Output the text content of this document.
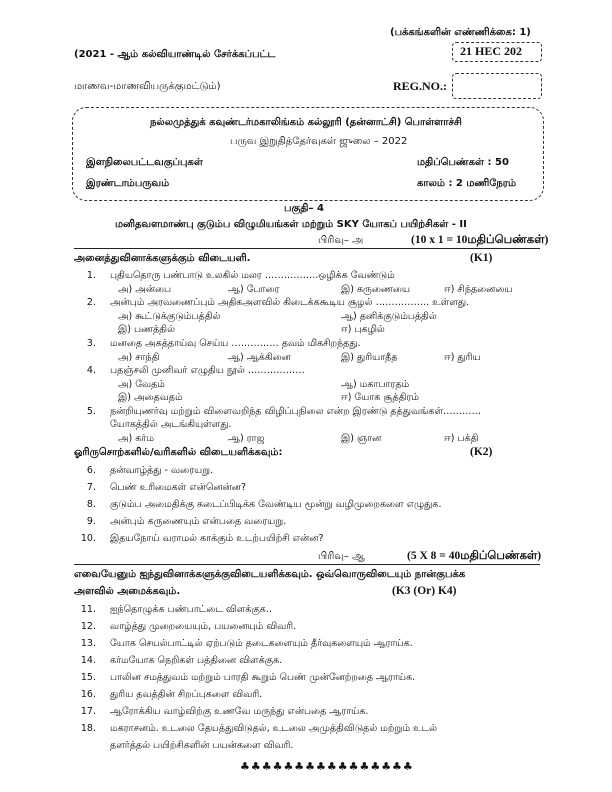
(பக்கங்களின் எண்ணிக்கை: 1)
(2021 - ஆம் கல்வியாண்டில் சேர்க்கப்பட்ட	21 HEC 202
மாணவ-மாணவியருக்குமட்டும்)	REG.NO.:
நல்லமுத்துக் கவுண்டர்மகாலிங்கம் கல்லூரி (தன்னாட்சி) பொள்ளாச்சி
பருவ இறுதித்தேர்வுகள் ஜுலை – 2022
இளநிலைபட்டவகுப்புகள்	மதிப்பெண்கள் : 50
இரண்டாம்பருவம்	காலம் : 2 மணிநேரம்
பகுதி– 4
மனிதவளமாண்பு குடும்ப விழுமியங்கள் மற்றும் SKY யோகப் பயிற்சிகள் - II
பிரிவு– அ	(10 x 1 = 10மதிப்பெண்கள்)
அனைத்துவினாக்களுக்கும் விடையளி.	(K1)
1. புதியதொரு பண்பாடு உலகில் மலர ……………..ஒழிக்க வேண்டும்
அ) அன்பை	ஆ) போரை	இ) கருணையை	ஈ) சிந்தனையை
2. அன்பும் அரவணைப்பும் அதிகஅளவில் கிடைக்ககூடிய சூழல் …………….. உள்ளது.
அ) கூட்டுக்குடும்பத்தில்	ஆ) தனிக்குடும்பத்தில்
இ) பணத்தில்	ஈ) புகழில்
3. மனதை அகத்தாய்வு செய்ய …………… தவம் மிகசிறந்தது.
அ) சாந்தி	ஆ) ஆக்கினை	இ) துரியாதீத	ஈ) துரிய
4. பதஞ்சலி முனிவர் எழுதிய நூல் ………………
அ) வேதம்	ஆ) மகாபாரதம்
இ) அதைவதம்	ஈ) யோக சூத்திரம்
5. நன்றியுணர்வு மற்றும் விளைவறிந்த விழிப்புநிலை என்ற இரண்டு தத்துவங்கள்…………
யோகத்தில் அடங்கியுள்ளது.
அ) கர்ம	ஆ) ராஜ	இ) ஞான	ஈ) பக்தி
ஓரிருசொற்களில்/வரிகளில் விடையளிக்கவும்:	(K2)
6. தன்வாழ்த்து - வரையறு.
7. பெண் உரிமைகள் என்னென்ன?
8. குடும்ப அமைதிக்கு கடைப்பிடிக்க வேண்டிய மூன்று வழிமுறைகளை எழுதுக.
9. அன்பும் கருணையும் என்பதை வரையறு.
10. இதயநோய் வராமல் காக்கும் உடற்பயிற்சி என்ன?
பிரிவு– ஆ	(5 X 8 = 40மதிப்பெண்கள்)
எவையேனும் ஐந்துவினாக்களுக்குவிடையளிக்கவும். ஒவ்வொருவிடையும் நான்குபக்க
அளவில் அமைக்கவும்.	(K3 (Or) K4)
11. ஐந்தொழுக்க பண்பாட்டை விளக்குக..
12. வாழ்த்து முறையையும், பயனையும் விவரி.
13. யோக செயல்பாட்டில் ஏற்படும் தடைகளையும் தீர்வுகளையும் ஆராய்க.
14. கர்மயோக நெறிகள் பத்தினை விளக்குக.
15. பாலின சமத்துவம் மற்றும் பாரதி கூறும் பெண் முன்னேற்றதை ஆராய்க.
16. துரிய தவத்தின் சிறப்புகளை விவரி.
17. ஆரோக்கிய வாழ்விற்கு உணவே மருந்து என்பதை ஆராய்க.
18. மகராசனம். உடலை தேயத்துவிடுதல், உடலை அமுத்திவிடுதல் மற்றும் உடல்
தளர்த்தல் பயிற்சிகளின் பயன்களை விவரி.
♣♣♣♣♣♣♣♣♣♣♣♣♣♣♣♣
